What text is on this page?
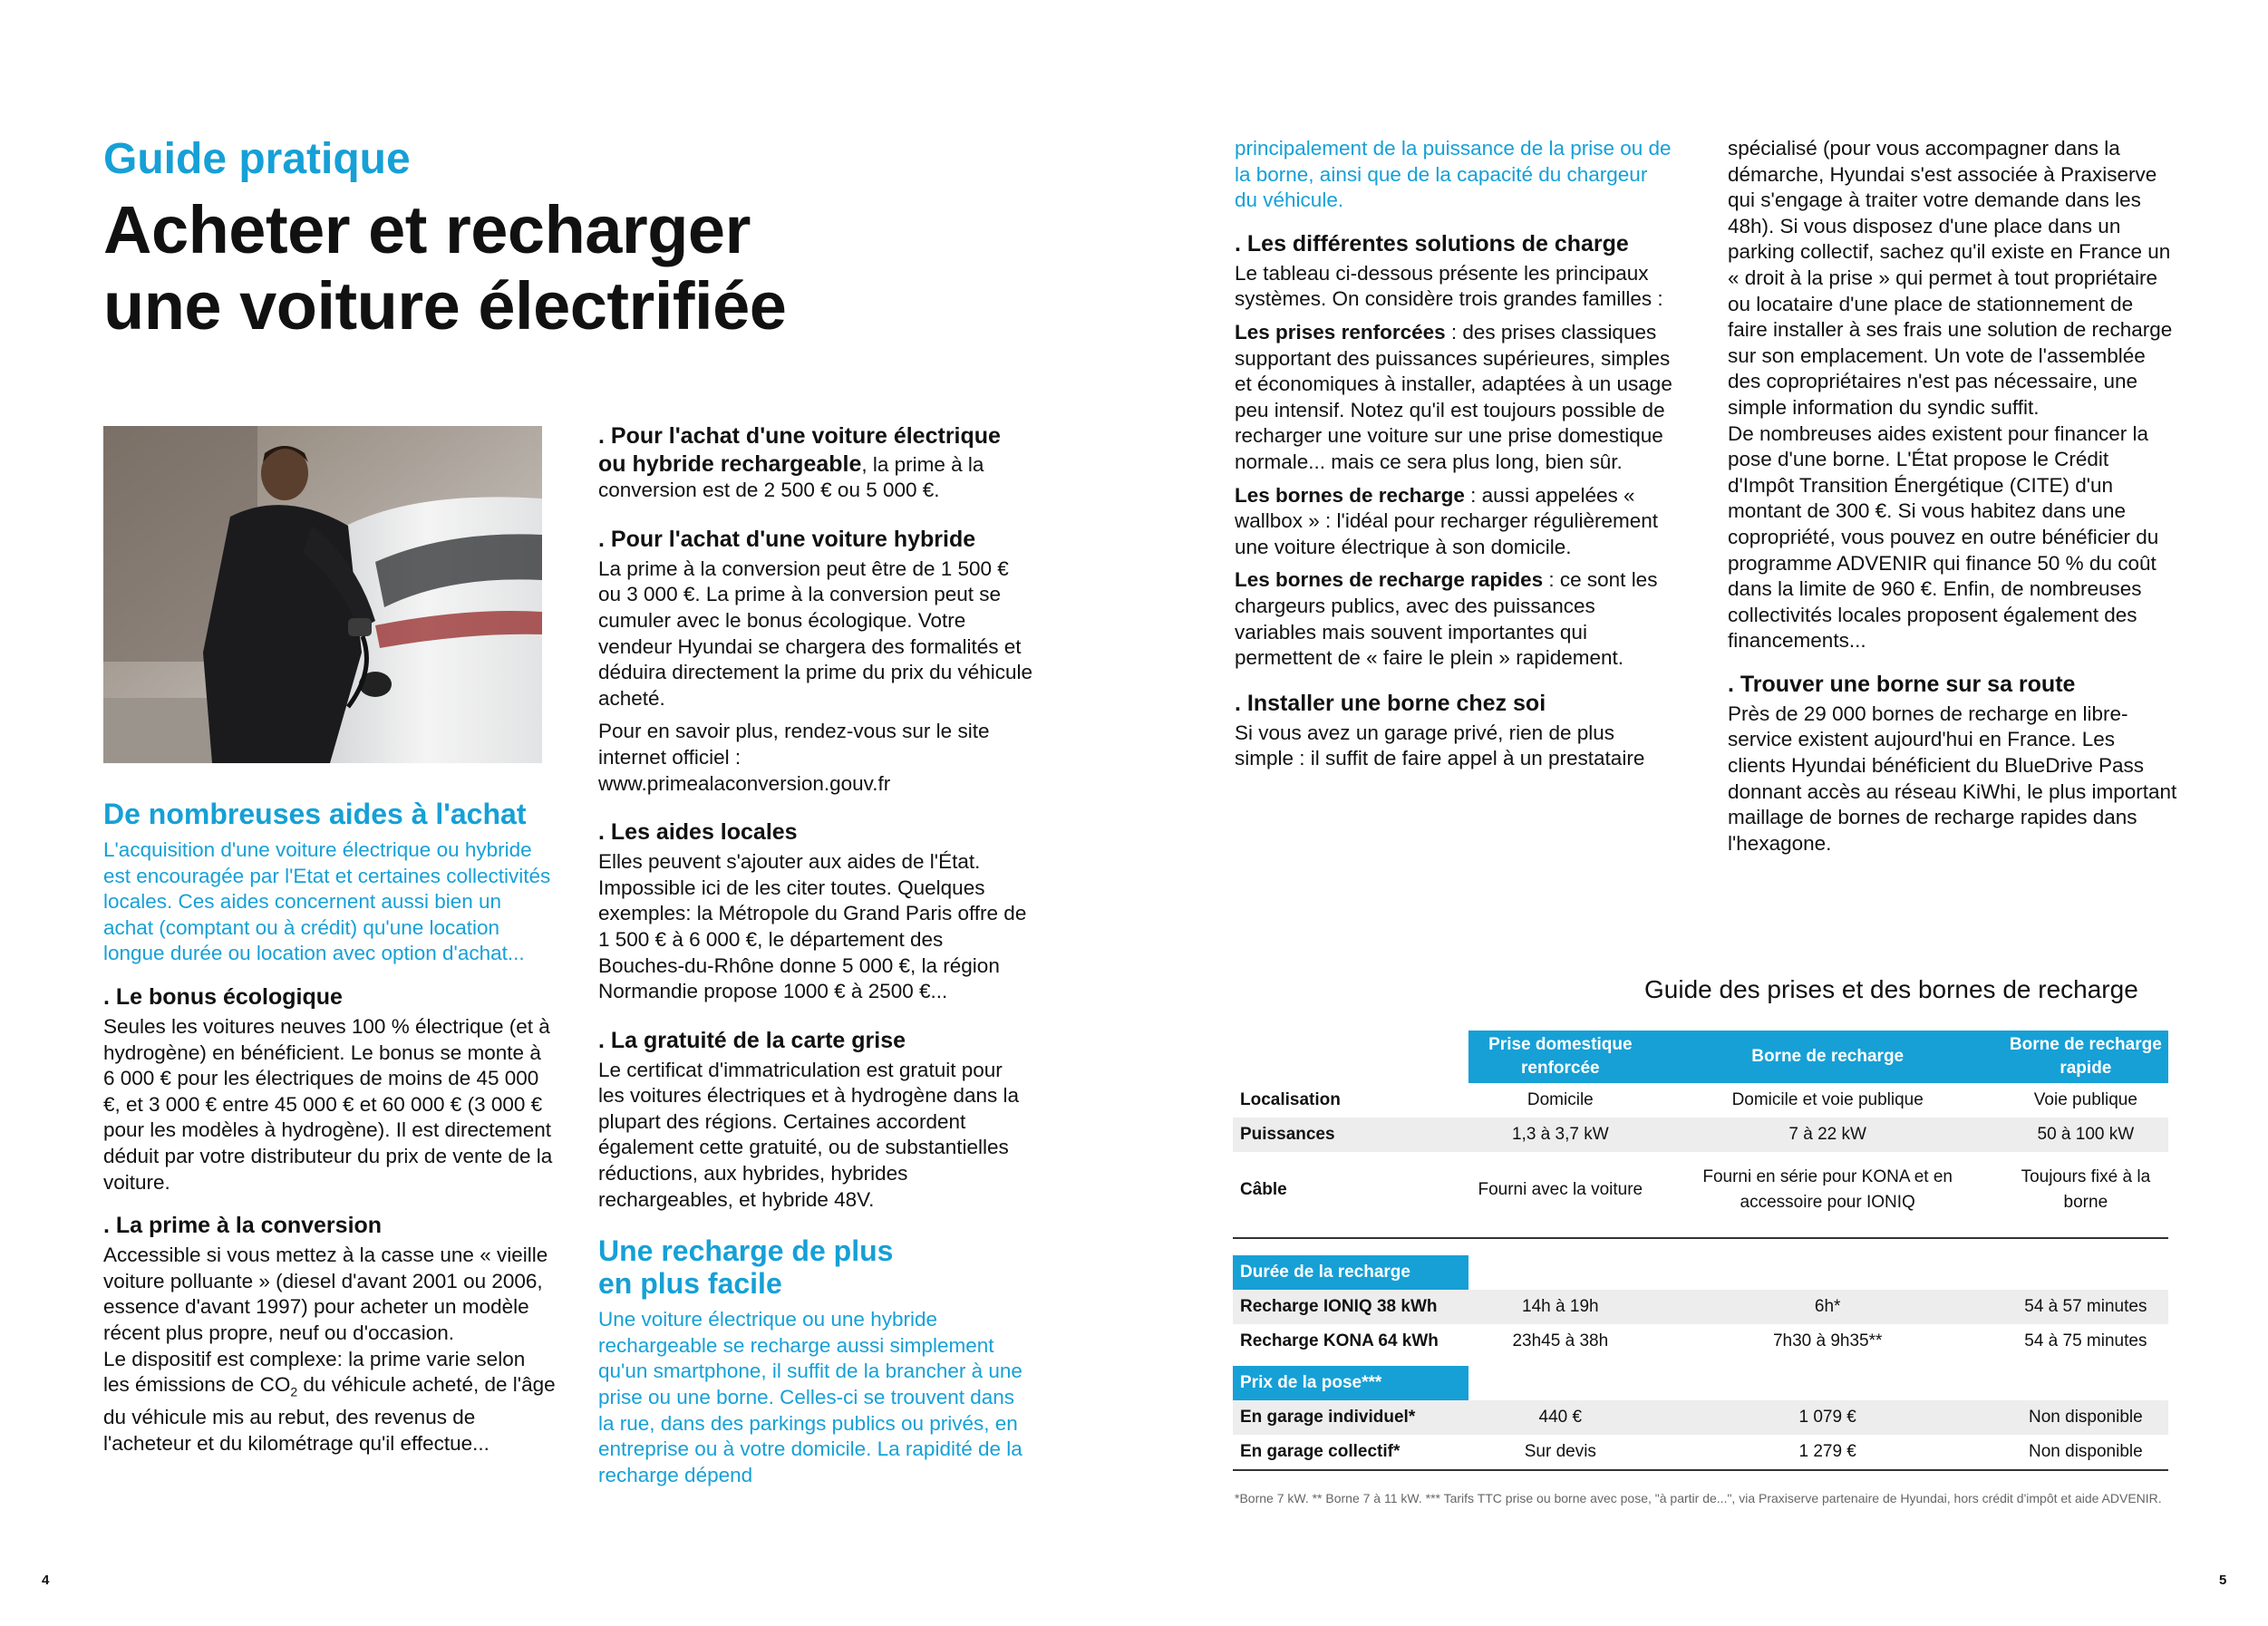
Guide pratique
Acheter et recharger
une voiture électrifiée
De nombreuses aides à l'achat

L'acquisition d'une voiture électrique ou hybride est encouragée par l'Etat et certaines collectivités locales. Ces aides concernent aussi bien un achat (comptant ou à crédit) qu'une location longue durée ou location avec option d'achat...

. Le bonus écologique

Seules les voitures neuves 100 % électrique (et à hydrogène) en bénéficient. Le bonus se monte à 6 000 € pour les électriques de moins de 45 000 €, et 3 000 € entre 45 000 € et 60 000 € (3 000 € pour les modèles à hydrogène). Il est directement déduit par votre distributeur du prix de vente de la voiture.

. La prime à la conversion

Accessible si vous mettez à la casse une « vieille voiture polluante » (diesel d'avant 2001 ou 2006, essence d'avant 1997) pour acheter un modèle récent plus propre, neuf ou d'occasion.

Le dispositif est complexe: la prime varie selon les émissions de $CO_2$ du véhicule acheté, de l'âge du véhicule mis au rebut, des revenus de l'acheteur et du kilométrage qu'il effectue...

. Pour l'achat d'une voiture électrique ou hybride rechargeable, la prime à la conversion est de 2 500 € ou 5 000 €.

. Pour l'achat d'une voiture hybride

La prime à la conversion peut être de 1 500 € ou 3 000 €. La prime à la conversion peut se cumuler avec le bonus écologique. Votre vendeur Hyundai se chargera des formalités et déduira directement la prime du prix du véhicule acheté.

Pour en savoir plus, rendez-vous sur le site internet officiel : www.primealaconversion.gouv.fr

. Les aides locales

Elles peuvent s'ajouter aux aides de l'État. Impossible ici de les citer toutes. Quelques exemples: la Métropole du Grand Paris offre de 1 500 € à 6 000 €, le département des Bouches-du-Rhône donne 5 000 €, la région Normandie propose 1000 € à 2500 €...

. La gratuité de la carte grise

Le certificat d'immatriculation est gratuit pour les voitures électriques et à hydrogène dans la plupart des régions. Certaines accordent également cette gratuité, ou de substantielles réductions, aux hybrides, hybrides rechargeables, et hybride 48V.

Une recharge de plus
en plus facile

Une voiture électrique ou une hybride rechargeable se recharge aussi simplement qu'un smartphone, il suffit de la brancher à une prise ou une borne. Celles-ci se trouvent dans la rue, dans des parkings publics ou privés, en entreprise ou à votre domicile. La rapidité de la recharge dépend

principalement de la puissance de la prise ou de la borne, ainsi que de la capacité du chargeur du véhicule.

. Les différentes solutions de charge

Le tableau ci-dessous présente les principaux systèmes. On considère trois grandes familles :

Les prises renforcées : des prises classiques supportant des puissances supérieures, simples et économiques à installer, adaptées à un usage peu intensif. Notez qu'il est toujours possible de recharger une voiture sur une prise domestique normale... mais ce sera plus long, bien sûr.

Les bornes de recharge : aussi appelées « wallbox » : l'idéal pour recharger régulièrement une voiture électrique à son domicile.

Les bornes de recharge rapides : ce sont les chargeurs publics, avec des puissances variables mais souvent importantes qui permettent de « faire le plein » rapidement.

. Installer une borne chez soi

Si vous avez un garage privé, rien de plus simple : il suffit de faire appel à un prestataire

spécialisé (pour vous accompagner dans la démarche, Hyundai s'est associée à Praxiserve qui s'engage à traiter votre demande dans les 48h). Si vous disposez d'une place dans un parking collectif, sachez qu'il existe en France un « droit à la prise » qui permet à tout propriétaire ou locataire d'une place de stationnement de faire installer à ses frais une solution de recharge sur son emplacement. Un vote de l'assemblée des copropriétaires n'est pas nécessaire, une simple information du syndic suffit.

De nombreuses aides existent pour financer la pose d'une borne. L'État propose le Crédit d'Impôt Transition Énergétique (CITE) d'un montant de 300 €. Si vous habitez dans une copropriété, vous pouvez en outre bénéficier du programme ADVENIR qui finance 50 % du coût dans la limite de 960 €. Enfin, de nombreuses collectivités locales proposent également des financements...

. Trouver une borne sur sa route

Près de 29 000 bornes de recharge en libre-service existent aujourd'hui en France. Les clients Hyundai bénéficient du BlueDrive Pass donnant accès au réseau KiWhi, le plus important maillage de bornes de recharge rapides dans l'hexagone.

Guide des prises et des bornes de recharge
	Prise domestique renforcée	Borne de recharge	Borne de recharge rapide
Localisation	Domicile	Domicile et voie publique	Voie publique
Puissances	1,3 à 3,7 kW	7 à 22 kW	50 à 100 kW
Câble	Fourni avec la voiture	Fourni en série pour KONA et en accessoire pour IONIQ	Toujours fixé à la borne

Durée de la recharge			
Recharge IONIQ 38 kWh	14h à 19h	6h*	54 à 57 minutes
Recharge KONA 64 kWh	23h45 à 38h	7h30 à 9h35**	54 à 75 minutes

Prix de la pose***			
En garage individuel*	440 €	1 079 €	Non disponible
En garage collectif*	Sur devis	1 279 €	Non disponible
*Borne 7 kW. ** Borne 7 à 11 kW. *** Tarifs TTC prise ou borne avec pose, "à partir de...", via Praxiserve partenaire de Hyundai, hors crédit d'impôt et aide ADVENIR.
4	5
